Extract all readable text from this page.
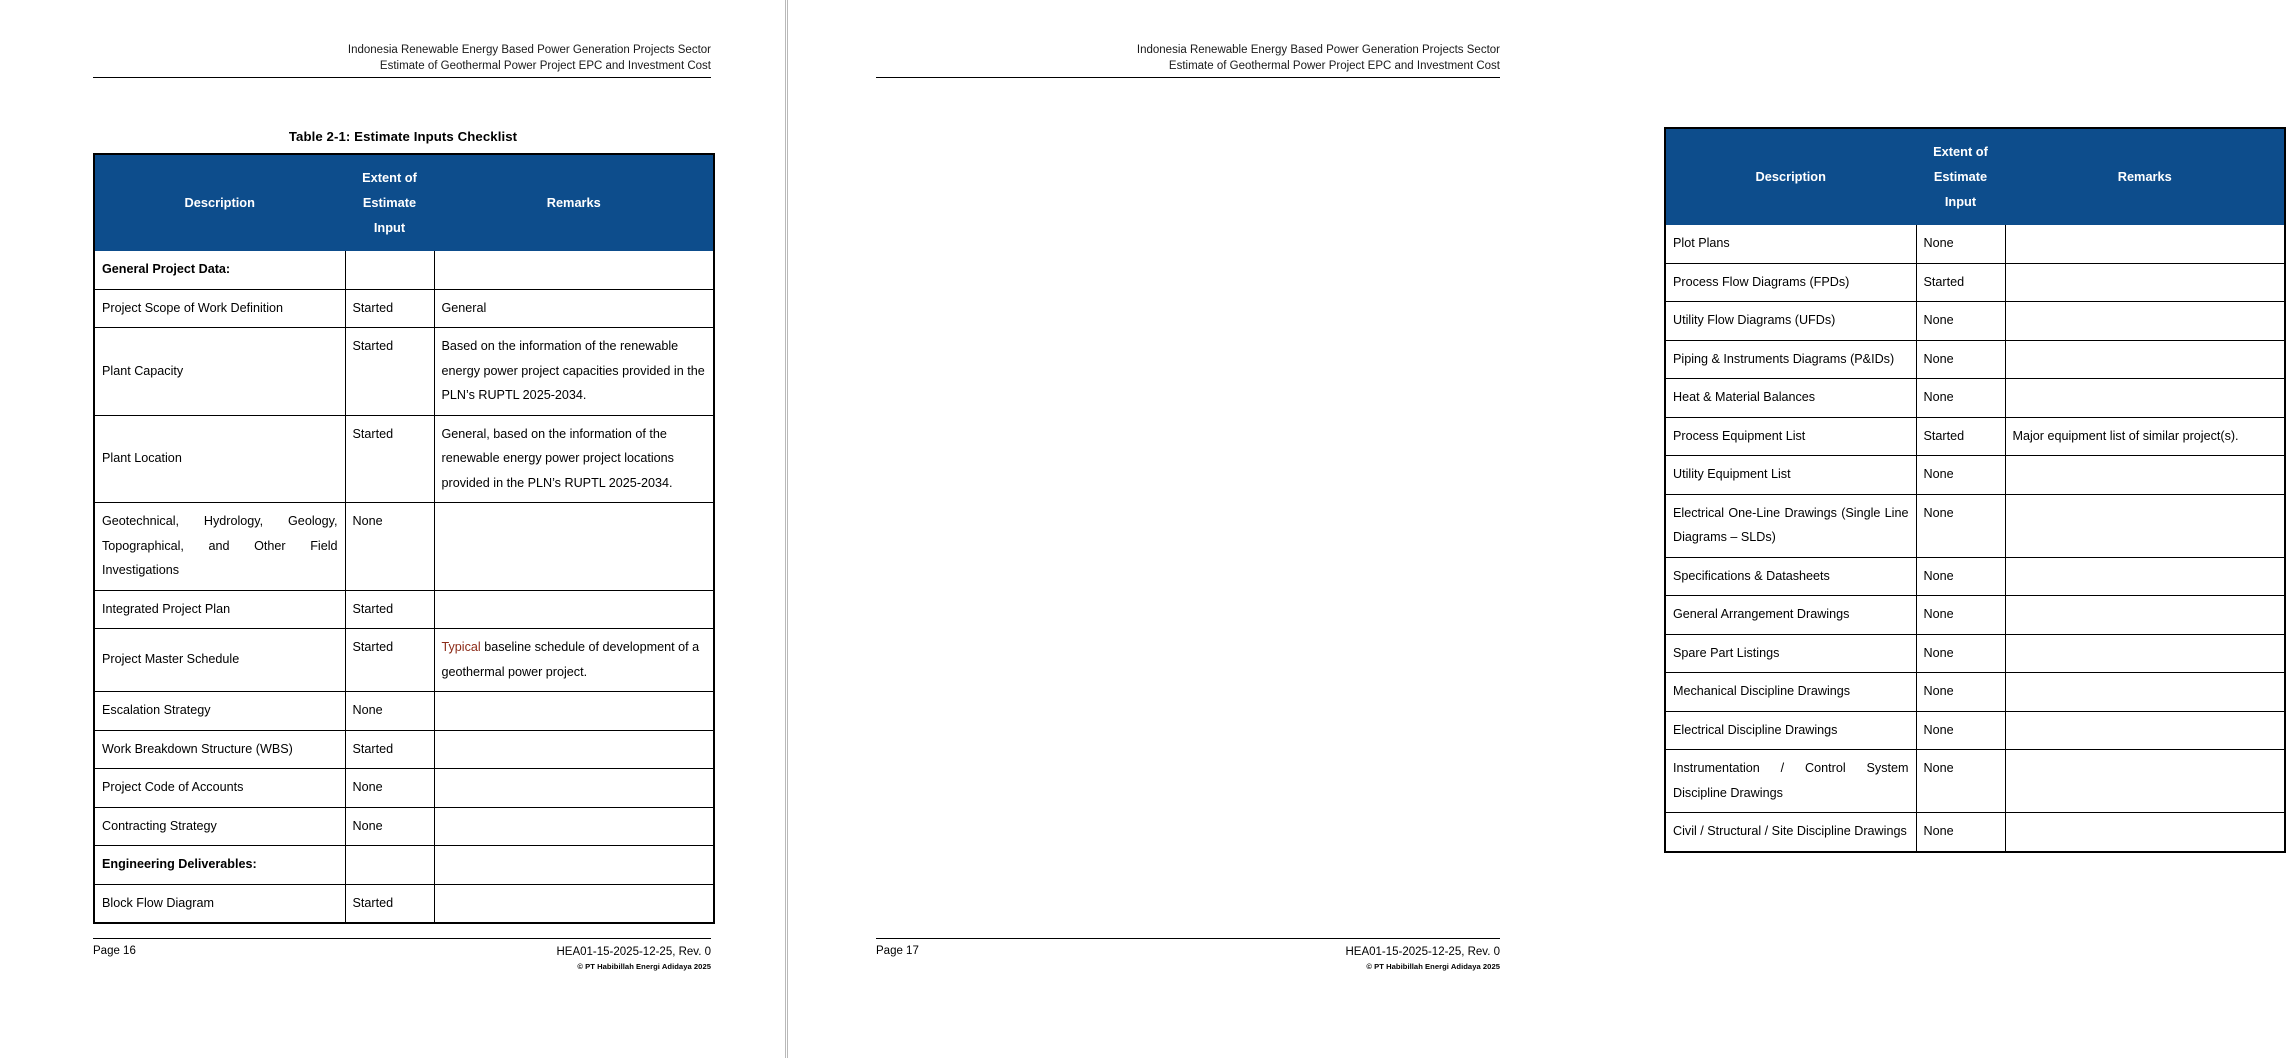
Indonesia Renewable Energy Based Power Generation Projects Sector
Estimate of Geothermal Power Project EPC and Investment Cost
Table 2-1: Estimate Inputs Checklist
Description	Extent of
Estimate
Input	Remarks
General Project Data:		
Project Scope of Work Definition	Started	General
Plant Capacity	Started	Based on the information of the renewable energy power project capacities provided in the PLN’s RUPTL 2025-2034.
Plant Location	Started	General, based on the information of the renewable energy power project locations provided in the PLN’s RUPTL 2025-2034.
Geotechnical, Hydrology, Geology, Topographical, and Other Field Investigations	None	
Integrated Project Plan	Started	
Project Master Schedule	Started	Typical baseline schedule of development of a geothermal power project.
Escalation Strategy	None	
Work Breakdown Structure (WBS)	Started	
Project Code of Accounts	None	
Contracting Strategy	None	
Engineering Deliverables:		
Block Flow Diagram	Started	
Page 16	HEA01-15-2025-12-25, Rev. 0
© PT Habibillah Energi Adidaya 2025
Indonesia Renewable Energy Based Power Generation Projects Sector
Estimate of Geothermal Power Project EPC and Investment Cost
Description	Extent of
Estimate
Input	Remarks
Plot Plans	None	
Process Flow Diagrams (FPDs)	Started	
Utility Flow Diagrams (UFDs)	None	
Piping & Instruments Diagrams (P&IDs)	None	
Heat & Material Balances	None	
Process Equipment List	Started	Major equipment list of similar project(s).
Utility Equipment List	None	
Electrical One-Line Drawings (Single Line Diagrams – SLDs)	None	
Specifications & Datasheets	None	
General Arrangement Drawings	None	
Spare Part Listings	None	
Mechanical Discipline Drawings	None	
Electrical Discipline Drawings	None	
Instrumentation / Control System Discipline Drawings	None	
Civil / Structural / Site Discipline Drawings	None	
Page 17	HEA01-15-2025-12-25, Rev. 0
© PT Habibillah Energi Adidaya 2025
